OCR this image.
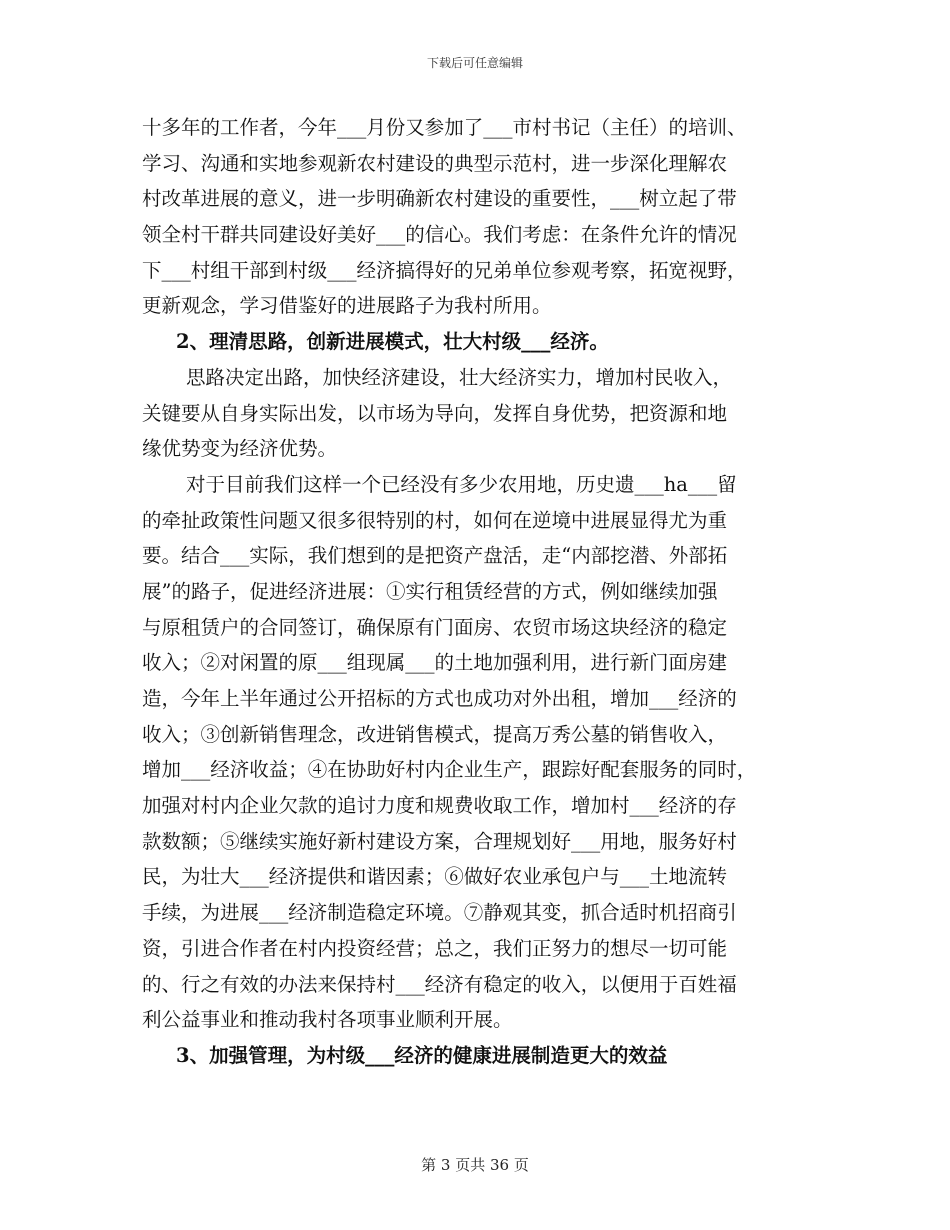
下载后可任意编辑
十多年的工作者，今年___月份又参加了___市村书记（主任）的培训、
学习、沟通和实地参观新农村建设的典型示范村，进一步深化理解农
村改革进展的意义，进一步明确新农村建设的重要性，___树立起了带
领全村干群共同建设好美好___的信心。我们考虑：在条件允许的情况
下___村组干部到村级___经济搞得好的兄弟单位参观考察，拓宽视野，
更新观念，学习借鉴好的进展路子为我村所用。
2、理清思路，创新进展模式，壮大村级___经济。
思路决定出路，加快经济建设，壮大经济实力，增加村民收入，
关键要从自身实际出发，以市场为导向，发挥自身优势，把资源和地
缘优势变为经济优势。
对于目前我们这样一个已经没有多少农用地，历史遗___ha___留
的牵扯政策性问题又很多很特别的村，如何在逆境中进展显得尤为重
要。结合___实际，我们想到的是把资产盘活，走“内部挖潜、外部拓
展”的路子，促进经济进展：①实行租赁经营的方式，例如继续加强
与原租赁户的合同签订，确保原有门面房、农贸市场这块经济的稳定
收入；②对闲置的原___组现属___的土地加强利用，进行新门面房建
造，今年上半年通过公开招标的方式也成功对外出租，增加___经济的
收入；③创新销售理念，改进销售模式，提高万秀公墓的销售收入，
增加___经济收益；④在协助好村内企业生产，跟踪好配套服务的同时，
加强对村内企业欠款的追讨力度和规费收取工作，增加村___经济的存
款数额；⑤继续实施好新村建设方案，合理规划好___用地，服务好村
民，为壮大___经济提供和谐因素；⑥做好农业承包户与___土地流转
手续，为进展___经济制造稳定环境。⑦静观其变，抓合适时机招商引
资，引进合作者在村内投资经营；总之，我们正努力的想尽一切可能
的、行之有效的办法来保持村___经济有稳定的收入，以便用于百姓福
利公益事业和推动我村各项事业顺利开展。
3、加强管理，为村级___经济的健康进展制造更大的效益
第 3 页共 36 页
